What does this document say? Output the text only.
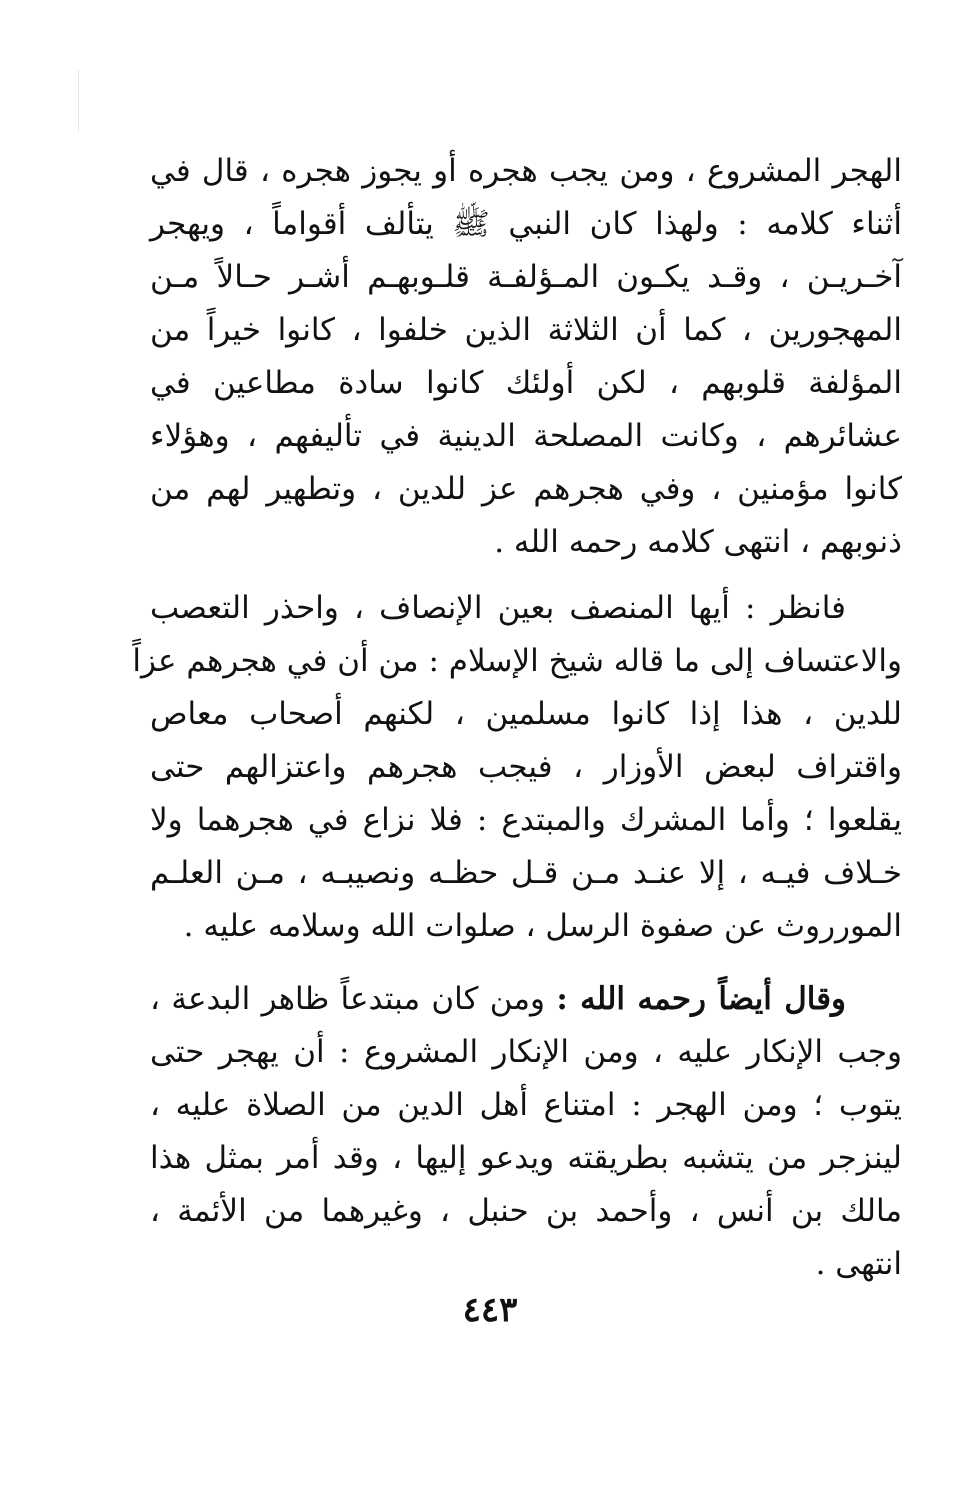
الهجر المشروع ، ومن يجب هجره أو يجوز هجره ، قال في
أثناء كلامه : ولهذا كان النبي ﷺ يتألف أقواماً ، ويهجر
آخـريـن ، وقـد يكـون المـؤلفـة قلـوبهـم أشـر حـالاً مـن
المهجورين ، كما أن الثلاثة الذين خلفوا ، كانوا خيراً من
المؤلفة قلوبهم ، لكن أولئك كانوا سادة مطاعين في
عشائرهم ، وكانت المصلحة الدينية في تأليفهم ، وهؤلاء
كانوا مؤمنين ، وفي هجرهم عز للدين ، وتطهير لهم من
ذنوبهم ، انتهى كلامه رحمه الله .
فانظر : أيها المنصف بعين الإنصاف ، واحذر التعصب
والاعتساف إلى ما قاله شيخ الإسلام : من أن في هجرهم عزاً
للدين ، هذا إذا كانوا مسلمين ، لكنهم أصحاب معاص
واقتراف لبعض الأوزار ، فيجب هجرهم واعتزالهم حتى
يقلعوا ؛ وأما المشرك والمبتدع : فلا نزاع في هجرهما ولا
خـلاف فيـه ، إلا عنـد مـن قـل حظـه ونصيبـه ، مـن العلـم
المورروث عن صفوة الرسل ، صلوات الله وسلامه عليه .
وقال أيضاً رحمه الله : ومن كان مبتدعاً ظاهر البدعة ،
وجب الإنكار عليه ، ومن الإنكار المشروع : أن يهجر حتى
يتوب ؛ ومن الهجر : امتناع أهل الدين من الصلاة عليه ،
لينزجر من يتشبه بطريقته ويدعو إليها ، وقد أمر بمثل هذا
مالك بن أنس ، وأحمد بن حنبل ، وغيرهما من الأئمة ،
انتهى .
٤٤٣
